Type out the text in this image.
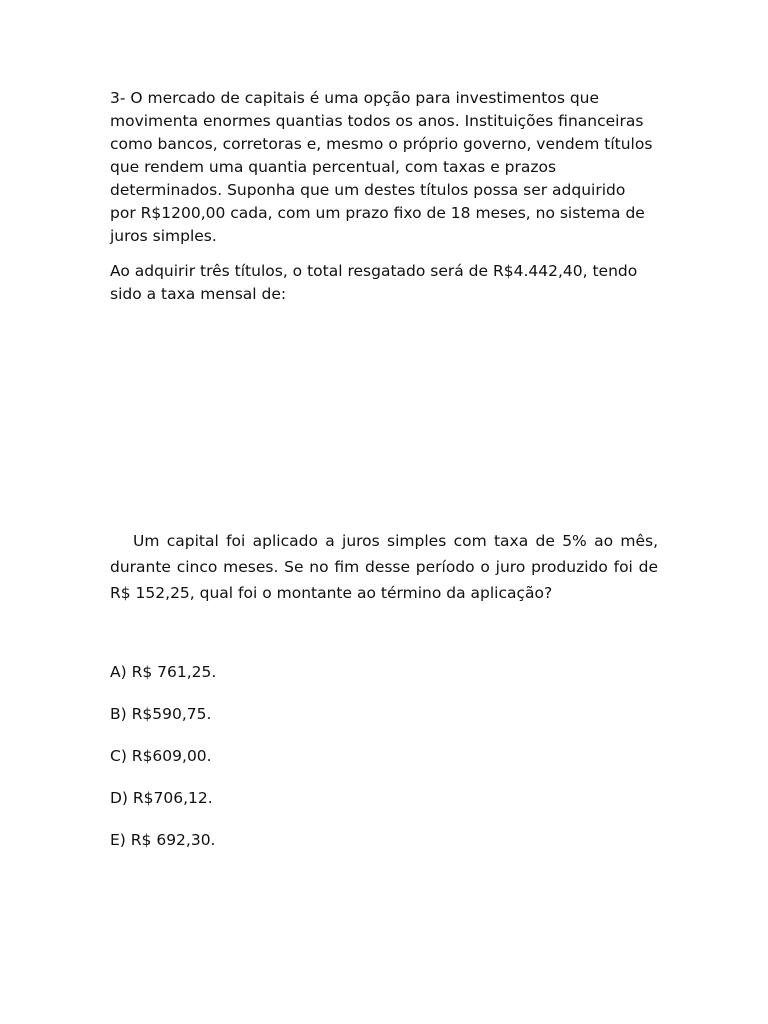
3- O mercado de capitais é uma opção para investimentos que
movimenta enormes quantias todos os anos. Instituições financeiras
como bancos, corretoras e, mesmo o próprio governo, vendem títulos
que rendem uma quantia percentual, com taxas e prazos
determinados. Suponha que um destes títulos possa ser adquirido
por R$1200,00 cada, com um prazo fixo de 18 meses, no sistema de
juros simples.
Ao adquirir três títulos, o total resgatado será de R$4.442,40, tendo
sido a taxa mensal de:
Um capital foi aplicado a juros simples com taxa de 5% ao mês,
durante cinco meses. Se no fim desse período o juro produzido foi de
R$ 152,25, qual foi o montante ao término da aplicação?
A) R$ 761,25.
B) R$590,75.
C) R$609,00.
D) R$706,12.
E) R$ 692,30.
